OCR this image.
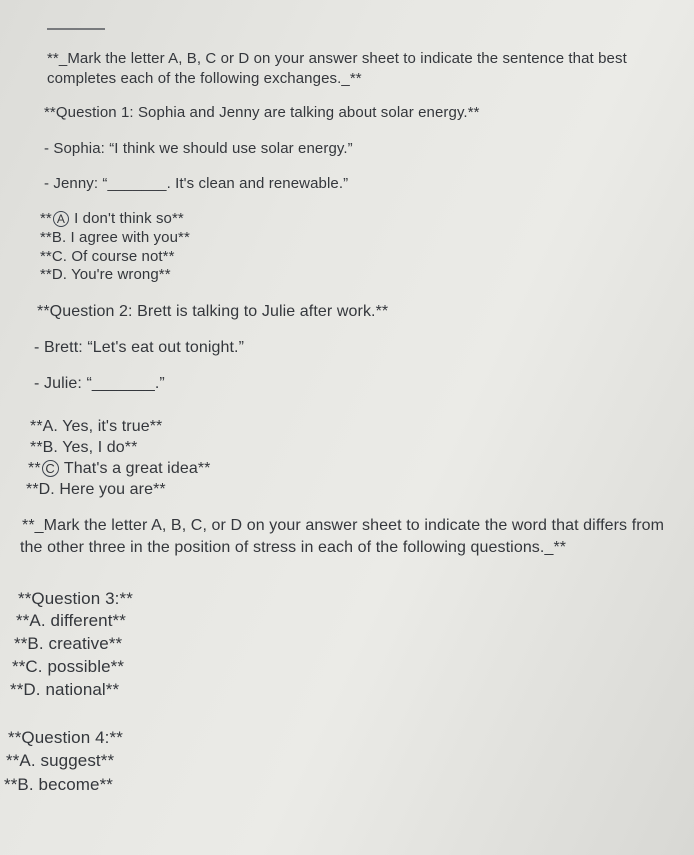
**_Mark the letter A, B, C or D on your answer sheet to indicate the sentence that best
completes each of the following exchanges._**
**Question 1: Sophia and Jenny are talking about solar energy.**
- Sophia: “I think we should use solar energy.”
- Jenny: “_______. It's clean and renewable.”
** A I don't think so**
**B. I agree with you**
**C. Of course not**
**D. You're wrong**
**Question 2: Brett is talking to Julie after work.**
- Brett: “Let's eat out tonight.”
- Julie: “_______.”
**A. Yes, it's true**
**B. Yes, I do**
** C That's a great idea**
**D. Here you are**
**_Mark the letter A, B, C, or D on your answer sheet to indicate the word that differs from
the other three in the position of stress in each of the following questions._**
**Question 3:**
**A. different**
**B. creative**
**C. possible**
**D. national**
**Question 4:**
**A. suggest**
**B. become**
